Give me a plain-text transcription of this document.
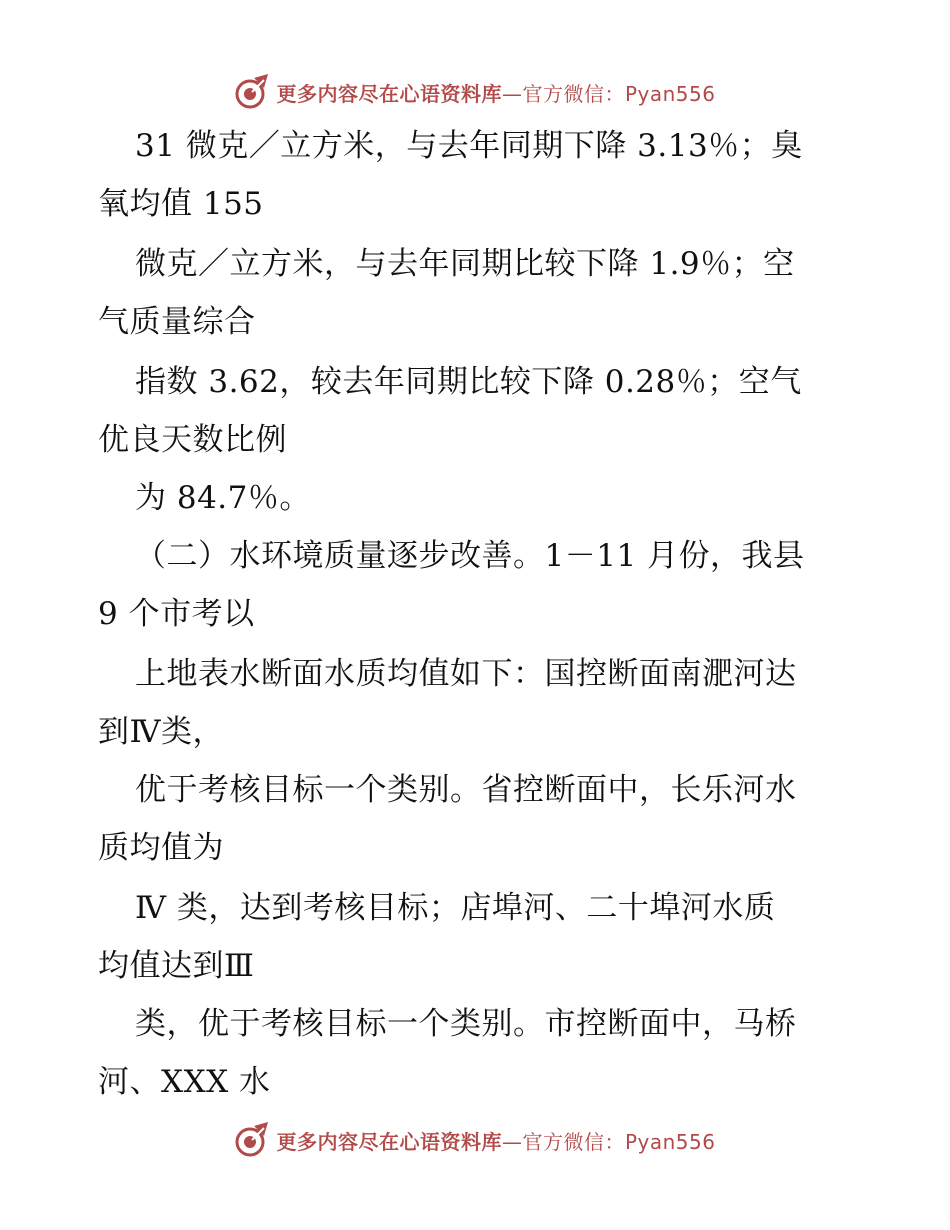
更多内容尽在心语资料库—官方微信：Pyan556
31 微克／立方米，与去年同期下降 3.13％；臭
氧均值 155
微克／立方米，与去年同期比较下降 1.9％；空
气质量综合
指数 3.62，较去年同期比较下降 0.28％；空气
优良天数比例
为 84.7％。
（二）水环境质量逐步改善。1－11 月份，我县
9 个市考以
上地表水断面水质均值如下：国控断面南淝河达
到Ⅳ类，
优于考核目标一个类别。省控断面中，长乐河水
质均值为
Ⅳ 类，达到考核目标；店埠河、二十埠河水质
均值达到Ⅲ
类，优于考核目标一个类别。市控断面中，马桥
河、XXX 水
更多内容尽在心语资料库—官方微信：Pyan556
